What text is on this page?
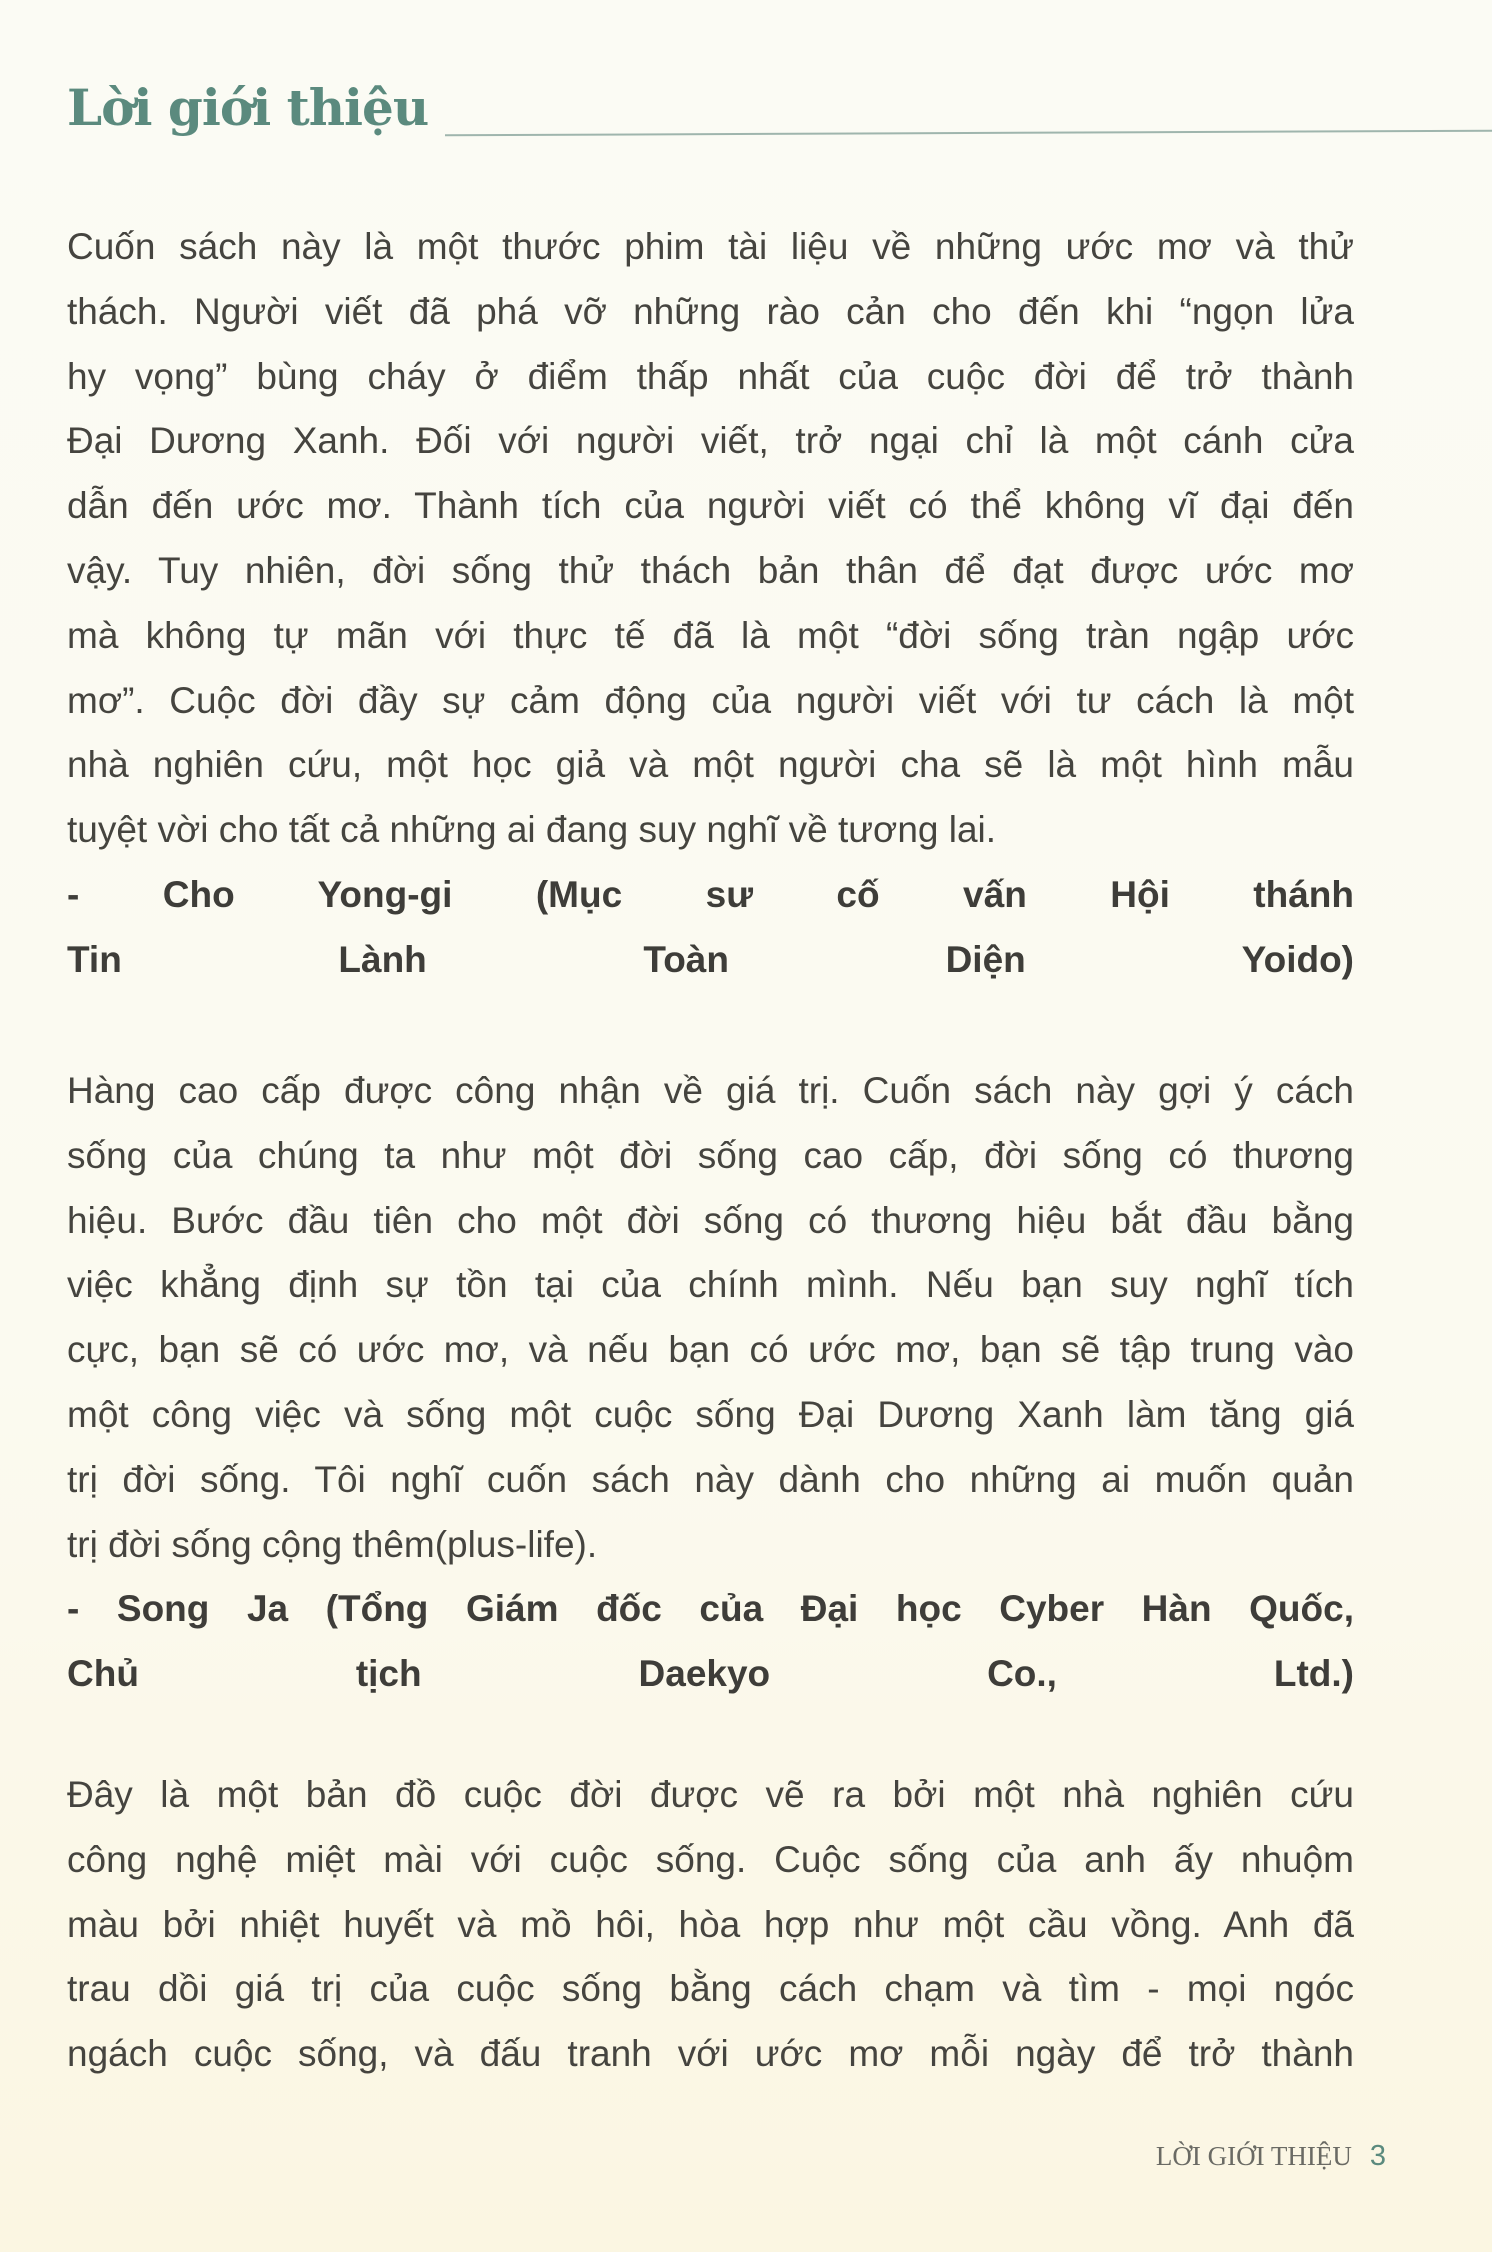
Lời giới thiệu
Cuốn sách này là một thước phim tài liệu về những ước mơ và thử
thách. Người viết đã phá vỡ những rào cản cho đến khi “ngọn lửa
hy vọng” bùng cháy ở điểm thấp nhất của cuộc đời để trở thành
Đại Dương Xanh. Đối với người viết, trở ngại chỉ là một cánh cửa
dẫn đến ước mơ. Thành tích của người viết có thể không vĩ đại đến
vậy. Tuy nhiên, đời sống thử thách bản thân để đạt được ước mơ
mà không tự mãn với thực tế đã là một “đời sống tràn ngập ước
mơ”. Cuộc đời đầy sự cảm động của người viết với tư cách là một
nhà nghiên cứu, một học giả và một người cha sẽ là một hình mẫu
tuyệt vời cho tất cả những ai đang suy nghĩ về tương lai.
- Cho Yong-gi (Mục sư cố vấn Hội thánh
Tin Lành Toàn Diện Yoido)
Hàng cao cấp được công nhận về giá trị. Cuốn sách này gợi ý cách
sống của chúng ta như một đời sống cao cấp, đời sống có thương
hiệu. Bước đầu tiên cho một đời sống có thương hiệu bắt đầu bằng
việc khẳng định sự tồn tại của chính mình. Nếu bạn suy nghĩ tích
cực, bạn sẽ có ước mơ, và nếu bạn có ước mơ, bạn sẽ tập trung vào
một công việc và sống một cuộc sống Đại Dương Xanh làm tăng giá
trị đời sống. Tôi nghĩ cuốn sách này dành cho những ai muốn quản
trị đời sống cộng thêm(plus-life).
- Song Ja (Tổng Giám đốc của Đại học Cyber Hàn Quốc,
Chủ tịch Daekyo Co., Ltd.)
Đây là một bản đồ cuộc đời được vẽ ra bởi một nhà nghiên cứu
công nghệ miệt mài với cuộc sống. Cuộc sống của anh ấy nhuộm
màu bởi nhiệt huyết và mồ hôi, hòa hợp như một cầu vồng. Anh đã
trau dồi giá trị của cuộc sống bằng cách chạm và tìm - mọi ngóc
ngách cuộc sống, và đấu tranh với ước mơ mỗi ngày để trở thành
LỜI GIỚI THIỆU 3
